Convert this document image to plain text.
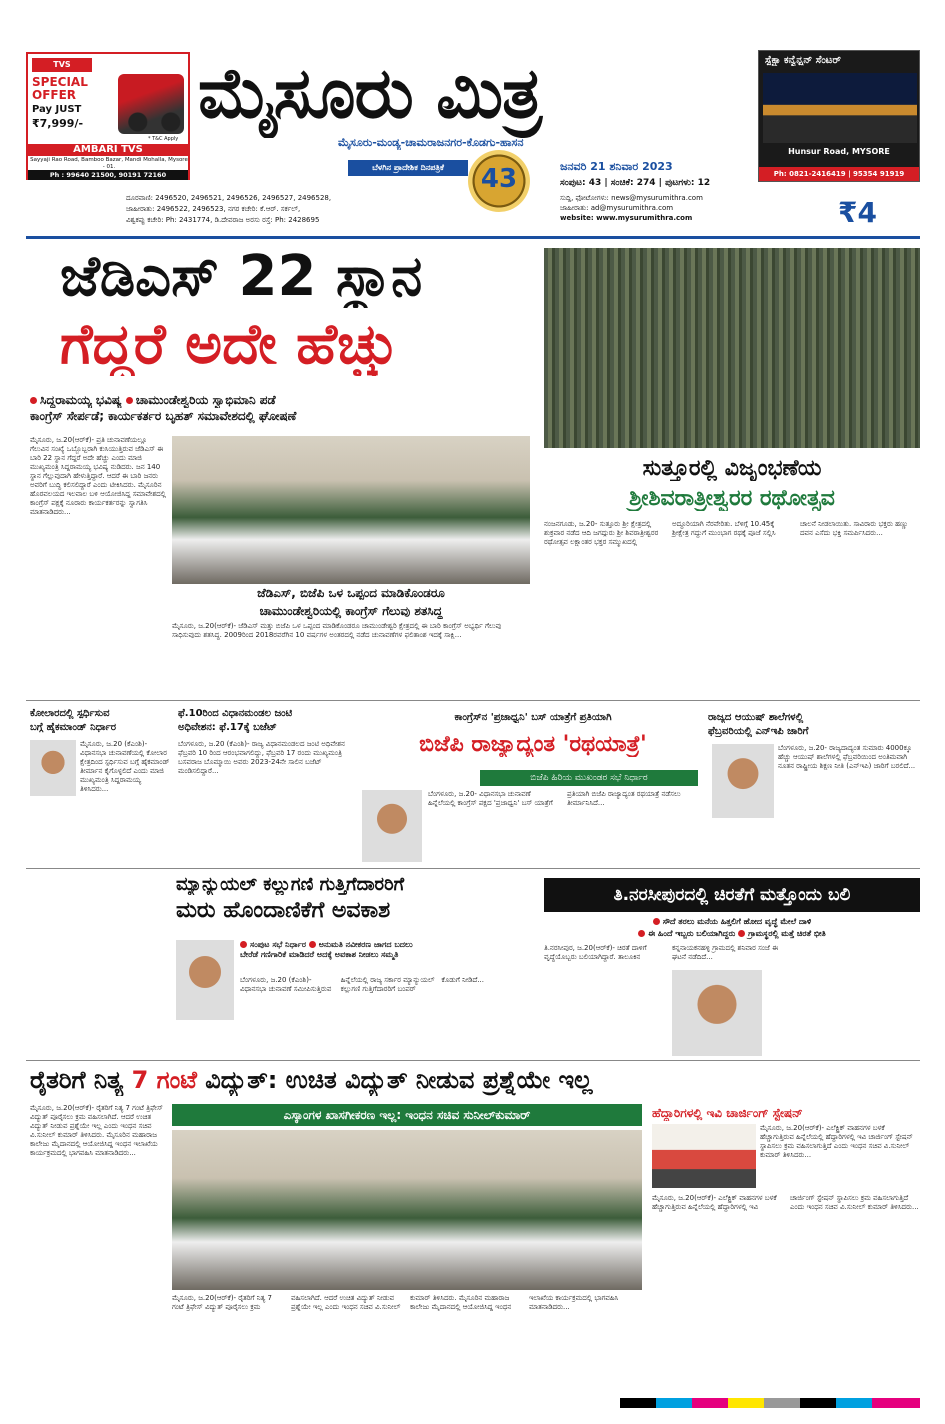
TVS
SPECIAL OFFER
Pay JUST
₹7,999/-
* T&C Apply
AMBARI TVS
Sayyaji Rao Road, Bamboo Bazar, Mandi Mohalla, Mysore - 01.
Ph : 99640 21500, 90191 72160
ಮೈಸೂರು ಮಿತ್ರ
ಮೈಸೂರು-ಮಂಡ್ಯ-ಚಾಮರಾಜನಗರ-ಕೊಡಗು-ಹಾಸನ
ಬೆಳಗಿನ ಪ್ರಾದೇಶಿಕ ದಿನಪತ್ರಿಕೆ	43	ಜನವರಿ 21 ಶನಿವಾರ 2023
ಸಂಪುಟ: 43 | ಸಂಚಿಕೆ: 274 | ಪುಟಗಳು: 12
ಸುದ್ದಿ, ಫೋಟೋಗಳು: news@mysurumithra.com
ಜಾಹೀರಾತು: ad@mysurumithra.com
website: www.mysurumithra.com
ದೂರವಾಣಿ: 2496520, 2496521, 2496526, 2496527, 2496528,
ಜಾಹೀರಾತು: 2496522, 2496523, ನಗರ ಕಚೇರಿ: ಕೆ.ಆರ್. ಸರ್ಕಲ್,
ವಿಶ್ವಕಪ್ಪು ಕಚೇರಿ: Ph: 2431774, ಡಿ.ದೇವರಾಜ ಅರಸು ರಸ್ತೆ: Ph: 2428695	₹4
ಸ್ಪೆಕ್ಟ್ರಾ ಕನ್ವೆನ್ಷನ್ ಸೆಂಟರ್
Hunsur Road, MYSORE
Ph: 0821-2416419 | 95354 91919
ಜೆಡಿಎಸ್ 22 ಸ್ಥಾನ
ಗೆದ್ದರೆ ಅದೇ ಹೆಚ್ಚು
ಸಿದ್ದರಾಮಯ್ಯ ಭವಿಷ್ಯ ಚಾಮುಂಡೇಶ್ವರಿಯ ಸ್ವಾಭಿಮಾನಿ ಪಡೆ
ಕಾಂಗ್ರೆಸ್ ಸೇರ್ಪಡೆ; ಕಾರ್ಯಕರ್ತರ ಬೃಹತ್ ಸಮಾವೇಶದಲ್ಲಿ ಘೋಷಣೆ
ಮೈಸೂರು, ಜ.20(ಆರ್‌ಕೆ)- ಪ್ರತಿ ಚುನಾವಣೆಯಲ್ಲೂ ಗೆಲುವಿನ ಸಂಖ್ಯೆ ಒಬ್ಬೊಬ್ಬರಾಗಿ ಕುಸಿಯುತ್ತಿರುವ ಜೆಡಿಎಸ್ ಈ ಬಾರಿ 22 ಸ್ಥಾನ ಗೆದ್ದರೆ ಅದೇ ಹೆಚ್ಚು ಎಂದು ಮಾಜಿ ಮುಖ್ಯಮಂತ್ರಿ ಸಿದ್ದರಾಮಯ್ಯ ಭವಿಷ್ಯ ನುಡಿದರು. ಜನ 140 ಸ್ಥಾನ ಗೆಲ್ಲುವುದಾಗಿ ಹೇಳುತ್ತಿದ್ದಾರೆ. ಆದರೆ ಈ ಬಾರಿ ಜನರು ಅವರಿಗೆ ಬುದ್ಧಿ ಕಲಿಸಲಿದ್ದಾರೆ ಎಂದು ಟೀಕಿಸಿದರು. ಮೈಸೂರಿನ ಹೊರವಲಯದ ಇಲವಾಲ ಬಳಿ ಆಯೋಜಿಸಿದ್ದ ಸಮಾವೇಶದಲ್ಲಿ ಕಾಂಗ್ರೆಸ್ ಪಕ್ಷಕ್ಕೆ ನೂರಾರು ಕಾರ್ಯಕರ್ತರನ್ನು ಸ್ವಾಗತಿಸಿ ಮಾತನಾಡಿದರು...
ಜೆಡಿಎಸ್, ಬಿಜೆಪಿ ಒಳ ಒಪ್ಪಂದ ಮಾಡಿಕೊಂಡರೂ
ಚಾಮುಂಡೇಶ್ವರಿಯಲ್ಲಿ ಕಾಂಗ್ರೆಸ್ ಗೆಲುವು ಶತಸಿದ್ಧ
ಮೈಸೂರು, ಜ.20(ಆರ್‌ಕೆ)- ಜೆಡಿಎಸ್ ಮತ್ತು ಬಿಜೆಪಿ ಒಳ ಒಪ್ಪಂದ ಮಾಡಿಕೊಂಡರೂ ಚಾಮುಂಡೇಶ್ವರಿ ಕ್ಷೇತ್ರದಲ್ಲಿ ಈ ಬಾರಿ ಕಾಂಗ್ರೆಸ್ ಅಭ್ಯರ್ಥಿ ಗೆಲುವು ಸಾಧಿಸುವುದು ಶತಸಿದ್ಧ. 2009ರಿಂದ 2018ರವರೆಗಿನ 10 ವರ್ಷಗಳ ಅಂತರದಲ್ಲಿ ನಡೆದ ಚುನಾವಣೆಗಳ ಫಲಿತಾಂಶ ಇದಕ್ಕೆ ಸಾಕ್ಷಿ...
ಸುತ್ತೂರಲ್ಲಿ ವಿಜೃಂಭಣೆಯ
ಶ್ರೀಶಿವರಾತ್ರೀಶ್ವರರ ರಥೋತ್ಸವ
ನಂಜನಗೂಡು, ಜ.20- ಸುತ್ತೂರು ಶ್ರೀ ಕ್ಷೇತ್ರದಲ್ಲಿ ಶುಕ್ರವಾರ ನಡೆದ ಆದಿ ಜಗದ್ಗುರು ಶ್ರೀ ಶಿವರಾತ್ರೀಶ್ವರರ ರಥೋತ್ಸವ ಲಕ್ಷಾಂತರ ಭಕ್ತರ ಸಮ್ಮುಖದಲ್ಲಿ ಅದ್ಧೂರಿಯಾಗಿ ನೆರವೇರಿತು. ಬೆಳಿಗ್ಗೆ 10.45ಕ್ಕೆ ಶ್ರೀಕ್ಷೇತ್ರ ಗದ್ದುಗೆ ಮುಂಭಾಗ ರಥಕ್ಕೆ ಪೂಜೆ ಸಲ್ಲಿಸಿ ಚಾಲನೆ ನೀಡಲಾಯಿತು. ಸಾವಿರಾರು ಭಕ್ತರು ಹಣ್ಣು ದವನ ಎಸೆದು ಭಕ್ತಿ ಸಮರ್ಪಿಸಿದರು...
ಕೋಲಾರದಲ್ಲಿ ಸ್ಪರ್ಧಿಸುವ
ಬಗ್ಗೆ ಹೈಕಮಾಂಡ್ ನಿರ್ಧಾರ
ಮೈಸೂರು, ಜ.20 (ಕೆಎಂಶಿ)- ವಿಧಾನಸಭಾ ಚುನಾವಣೆಯಲ್ಲಿ ಕೋಲಾರ ಕ್ಷೇತ್ರದಿಂದ ಸ್ಪರ್ಧಿಸುವ ಬಗ್ಗೆ ಹೈಕಮಾಂಡ್ ತೀರ್ಮಾನ ಕೈಗೊಳ್ಳಲಿದೆ ಎಂದು ಮಾಜಿ ಮುಖ್ಯಮಂತ್ರಿ ಸಿದ್ದರಾಮಯ್ಯ ತಿಳಿಸಿದರು...
ಫೆ.10ರಿಂದ ವಿಧಾನಮಂಡಲ ಜಂಟಿ
ಅಧಿವೇಶನ: ಫೆ.17ಕ್ಕೆ ಬಜೆಟ್
ಬೆಂಗಳೂರು, ಜ.20 (ಕೆಎಂಶಿ)- ರಾಜ್ಯ ವಿಧಾನಮಂಡಲದ ಜಂಟಿ ಅಧಿವೇಶನ ಫೆಬ್ರವರಿ 10 ರಿಂದ ಆರಂಭವಾಗಲಿದ್ದು, ಫೆಬ್ರವರಿ 17 ರಂದು ಮುಖ್ಯಮಂತ್ರಿ ಬಸವರಾಜ ಬೊಮ್ಮಾಯಿ ಅವರು 2023-24ನೇ ಸಾಲಿನ ಬಜೆಟ್ ಮಂಡಿಸಲಿದ್ದಾರೆ...
ಕಾಂಗ್ರೆಸ್‌ನ 'ಪ್ರಜಾಧ್ವನಿ' ಬಸ್ ಯಾತ್ರೆಗೆ ಪ್ರತಿಯಾಗಿ
ಬಿಜೆಪಿ ರಾಜ್ಯಾದ್ಯಂತ 'ರಥಯಾತ್ರೆ'
ಬಿಜೆಪಿ ಹಿರಿಯ ಮುಖಂಡರ ಸಭೆ ನಿರ್ಧಾರ
ಬೆಂಗಳೂರು, ಜ.20- ವಿಧಾನಸಭಾ ಚುನಾವಣೆ ಹಿನ್ನೆಲೆಯಲ್ಲಿ ಕಾಂಗ್ರೆಸ್ ಪಕ್ಷದ 'ಪ್ರಜಾಧ್ವನಿ' ಬಸ್ ಯಾತ್ರೆಗೆ ಪ್ರತಿಯಾಗಿ ಬಿಜೆಪಿ ರಾಜ್ಯಾದ್ಯಂತ ರಥಯಾತ್ರೆ ನಡೆಸಲು ತೀರ್ಮಾನಿಸಿದೆ...
ರಾಜ್ಯದ ಆಯುಷ್ ಶಾಲೆಗಳಲ್ಲಿ
ಫೆಬ್ರವರಿಯಲ್ಲಿ ಎನ್‌ಇಪಿ ಜಾರಿಗೆ
ಬೆಂಗಳೂರು, ಜ.20- ರಾಜ್ಯದಾದ್ಯಂತ ಸುಮಾರು 4000ಕ್ಕೂ ಹೆಚ್ಚು ಆಯುಷ್ ಶಾಲೆಗಳಲ್ಲಿ ಫೆಬ್ರವರಿಯಿಂದ ಅಂತಿಮವಾಗಿ ನೂತನ ರಾಷ್ಟ್ರೀಯ ಶಿಕ್ಷಣ ನೀತಿ (ಎನ್‌ಇಪಿ) ಜಾರಿಗೆ ಬರಲಿದೆ...
ಮ್ಯಾನ್ಯುಯಲ್ ಕಲ್ಲುಗಣಿ ಗುತ್ತಿಗೆದಾರರಿಗೆ
ಮರು ಹೊಂದಾಣಿಕೆಗೆ ಅವಕಾಶ
ಸಂಪುಟ ಸಭೆ ನಿರ್ಧಾರ ಅನುಮತಿ ನವೀಕರಣ ಜಾಗದ ಬದಲು
ಬೇರೆಡೆ ಗಣಿಗಾರಿಕೆ ಮಾಡಿದರೆ ಅದಕ್ಕೆ ಅವಕಾಶ ನೀಡಲು ಸಮ್ಮತಿ
ಬೆಂಗಳೂರು, ಜ.20 (ಕೆಎಂಶಿ)- ವಿಧಾನಸಭಾ ಚುನಾವಣೆ ಸಮೀಪಿಸುತ್ತಿರುವ ಹಿನ್ನೆಲೆಯಲ್ಲಿ ರಾಜ್ಯ ಸರ್ಕಾರ ಮ್ಯಾನ್ಯುಯಲ್ ಕಲ್ಲುಗಣಿ ಗುತ್ತಿಗೆದಾರರಿಗೆ ಬಂಪರ್ ಕೊಡುಗೆ ನೀಡಿದೆ...
ತಿ.ನರಸೀಪುರದಲ್ಲಿ ಚಿರತೆಗೆ ಮತ್ತೊಂದು ಬಲಿ
ಸೌದೆ ತರಲು ಮನೆಯ ಹಿತ್ತಲಿಗೆ ಹೋದ ವೃದ್ಧೆ ಮೇಲೆ ದಾಳಿ
ಈ ಹಿಂದೆ ಇಬ್ಬರು ಬಲಿಯಾಗಿದ್ದರು ಗ್ರಾಮಸ್ಥರಲ್ಲಿ ಮತ್ತೆ ಚಿರತೆ ಭೀತಿ
ತಿ.ನರಸೀಪುರ, ಜ.20(ಆರ್‌ಕೆ)- ಚಿರತೆ ದಾಳಿಗೆ ವೃದ್ಧೆಯೊಬ್ಬರು ಬಲಿಯಾಗಿದ್ದಾರೆ. ತಾಲೂಕಿನ ಕನ್ನನಾಯಕನಹಳ್ಳಿ ಗ್ರಾಮದಲ್ಲಿ ಶನಿವಾರ ಸಂಜೆ ಈ ಘಟನೆ ನಡೆದಿದೆ...
ರೈತರಿಗೆ ನಿತ್ಯ 7 ಗಂಟೆ ವಿದ್ಯುತ್: ಉಚಿತ ವಿದ್ಯುತ್ ನೀಡುವ ಪ್ರಶ್ನೆಯೇ ಇಲ್ಲ
ಎಸ್ಕಾಂಗಳ ಖಾಸಗೀಕರಣ ಇಲ್ಲ: ಇಂಧನ ಸಚಿವ ಸುನೀಲ್‌ಕುಮಾರ್
ಮೈಸೂರು, ಜ.20(ಆರ್‌ಕೆ)- ರೈತರಿಗೆ ನಿತ್ಯ 7 ಗಂಟೆ ತ್ರಿಫೇಸ್ ವಿದ್ಯುತ್ ಪೂರೈಸಲು ಕ್ರಮ ವಹಿಸಲಾಗಿದೆ. ಆದರೆ ಉಚಿತ ವಿದ್ಯುತ್ ನೀಡುವ ಪ್ರಶ್ನೆಯೇ ಇಲ್ಲ ಎಂದು ಇಂಧನ ಸಚಿವ ವಿ.ಸುನೀಲ್ ಕುಮಾರ್ ತಿಳಿಸಿದರು. ಮೈಸೂರಿನ ಮಹಾರಾಜ ಕಾಲೇಜು ಮೈದಾನದಲ್ಲಿ ಆಯೋಜಿಸಿದ್ದ ಇಂಧನ ಇಲಾಖೆಯ ಕಾರ್ಯಕ್ರಮದಲ್ಲಿ ಭಾಗವಹಿಸಿ ಮಾತನಾಡಿದರು...
ಮೈಸೂರು, ಜ.20(ಆರ್‌ಕೆ)- ರೈತರಿಗೆ ನಿತ್ಯ 7 ಗಂಟೆ ತ್ರಿಫೇಸ್ ವಿದ್ಯುತ್ ಪೂರೈಸಲು ಕ್ರಮ ವಹಿಸಲಾಗಿದೆ. ಆದರೆ ಉಚಿತ ವಿದ್ಯುತ್ ನೀಡುವ ಪ್ರಶ್ನೆಯೇ ಇಲ್ಲ ಎಂದು ಇಂಧನ ಸಚಿವ ವಿ.ಸುನೀಲ್ ಕುಮಾರ್ ತಿಳಿಸಿದರು. ಮೈಸೂರಿನ ಮಹಾರಾಜ ಕಾಲೇಜು ಮೈದಾನದಲ್ಲಿ ಆಯೋಜಿಸಿದ್ದ ಇಂಧನ ಇಲಾಖೆಯ ಕಾರ್ಯಕ್ರಮದಲ್ಲಿ ಭಾಗವಹಿಸಿ ಮಾತನಾಡಿದರು...
ಹೆದ್ದಾರಿಗಳಲ್ಲಿ ಇವಿ ಚಾರ್ಜಿಂಗ್ ಸ್ಟೇಷನ್
ಮೈಸೂರು, ಜ.20(ಆರ್‌ಕೆ)- ಎಲೆಕ್ಟ್ರಿಕ್ ವಾಹನಗಳ ಬಳಕೆ ಹೆಚ್ಚಾಗುತ್ತಿರುವ ಹಿನ್ನೆಲೆಯಲ್ಲಿ ಹೆದ್ದಾರಿಗಳಲ್ಲಿ ಇವಿ ಚಾರ್ಜಿಂಗ್ ಸ್ಟೇಷನ್ ಸ್ಥಾಪಿಸಲು ಕ್ರಮ ವಹಿಸಲಾಗುತ್ತಿದೆ ಎಂದು ಇಂಧನ ಸಚಿವ ವಿ.ಸುನೀಲ್ ಕುಮಾರ್ ತಿಳಿಸಿದರು...
ಮೈಸೂರು, ಜ.20(ಆರ್‌ಕೆ)- ಎಲೆಕ್ಟ್ರಿಕ್ ವಾಹನಗಳ ಬಳಕೆ ಹೆಚ್ಚಾಗುತ್ತಿರುವ ಹಿನ್ನೆಲೆಯಲ್ಲಿ ಹೆದ್ದಾರಿಗಳಲ್ಲಿ ಇವಿ ಚಾರ್ಜಿಂಗ್ ಸ್ಟೇಷನ್ ಸ್ಥಾಪಿಸಲು ಕ್ರಮ ವಹಿಸಲಾಗುತ್ತಿದೆ ಎಂದು ಇಂಧನ ಸಚಿವ ವಿ.ಸುನೀಲ್ ಕುಮಾರ್ ತಿಳಿಸಿದರು...
